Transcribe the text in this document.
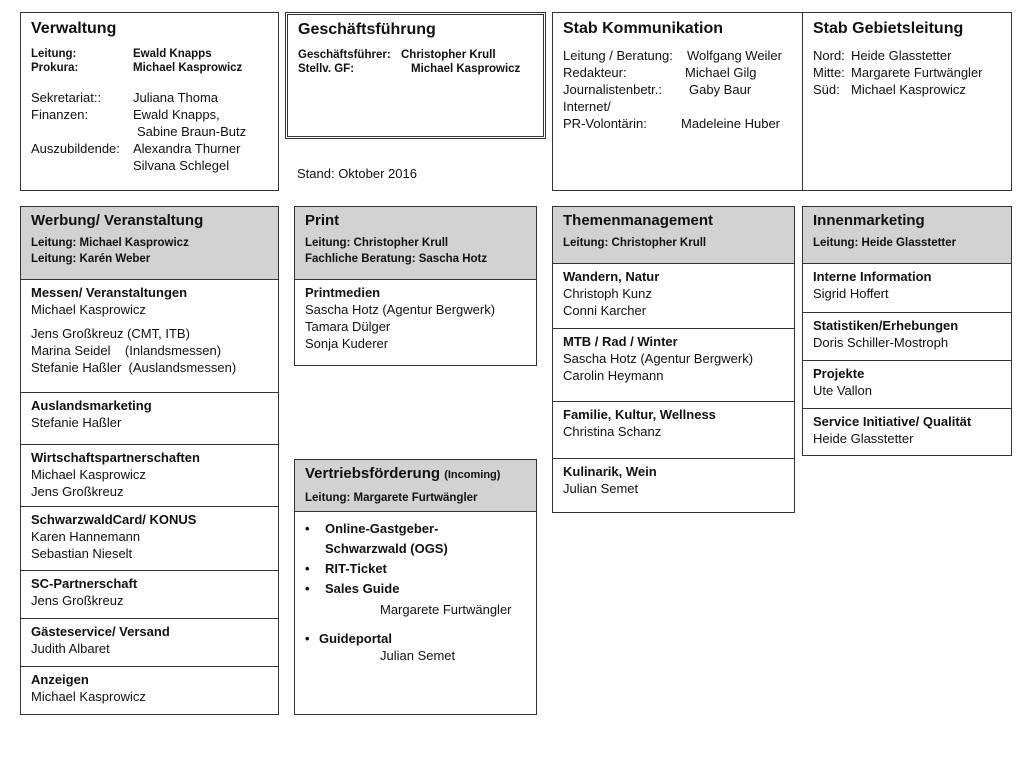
Verwaltung
Leitung:	Ewald Knapps
Prokura:	Michael Kasprowicz
Sekretariat::	Juliana Thoma
Finanzen:	Ewald Knapps,
Sabine Braun-Butz
Auszubildende:	Alexandra Thurner
Silvana Schlegel
Geschäftsführung
Geschäftsführer: Christopher Krull
Stellv. GF:	Michael Kasprowicz
Stand: Oktober 2016
Stab Kommunikation
Leitung / Beratung:	Wolfgang Weiler
Redakteur:	Michael Gilg
Journalistenbetr.:	Gaby Baur
Internet/
PR-Volontärin:	Madeleine Huber
Stab Gebietsleitung
Nord: Heide Glasstetter
Mitte: Margarete Furtwängler
Süd: Michael Kasprowicz
Werbung/ Veranstaltung
Leitung: Michael Kasprowicz
Leitung: Karén Weber
Messen/ Veranstaltungen
Michael Kasprowicz
Jens Großkreuz (CMT, ITB)
Marina Seidel    (Inlandsmessen)
Stefanie Haßler  (Auslandsmessen)
Auslandsmarketing
Stefanie Haßler
Wirtschaftspartnerschaften
Michael Kasprowicz
Jens Großkreuz
SchwarzwaldCard/ KONUS
Karen Hannemann
Sebastian Nieselt
SC-Partnerschaft
Jens Großkreuz
Gästeservice/ Versand
Judith Albaret
Anzeigen
Michael Kasprowicz
Print
Leitung: Christopher Krull
Fachliche Beratung: Sascha Hotz
Printmedien
Sascha Hotz (Agentur Bergwerk)
Tamara Dülger
Sonja Kuderer
Vertriebsförderung (Incoming)
Leitung: Margarete Furtwängler
• Online-Gastgeber-
Schwarzwald (OGS)
• RIT-Ticket
• Sales Guide
Margarete Furtwängler
• Guideportal
Julian Semet
Themenmanagement
Leitung: Christopher Krull
Wandern, Natur
Christoph Kunz
Conni Karcher
MTB / Rad / Winter
Sascha Hotz (Agentur Bergwerk)
Carolin Heymann
Familie, Kultur, Wellness
Christina Schanz
Kulinarik, Wein
Julian Semet
Innenmarketing
Leitung: Heide Glasstetter
Interne Information
Sigrid Hoffert
Statistiken/Erhebungen
Doris Schiller-Mostroph
Projekte
Ute Vallon
Service Initiative/ Qualität
Heide Glasstetter
